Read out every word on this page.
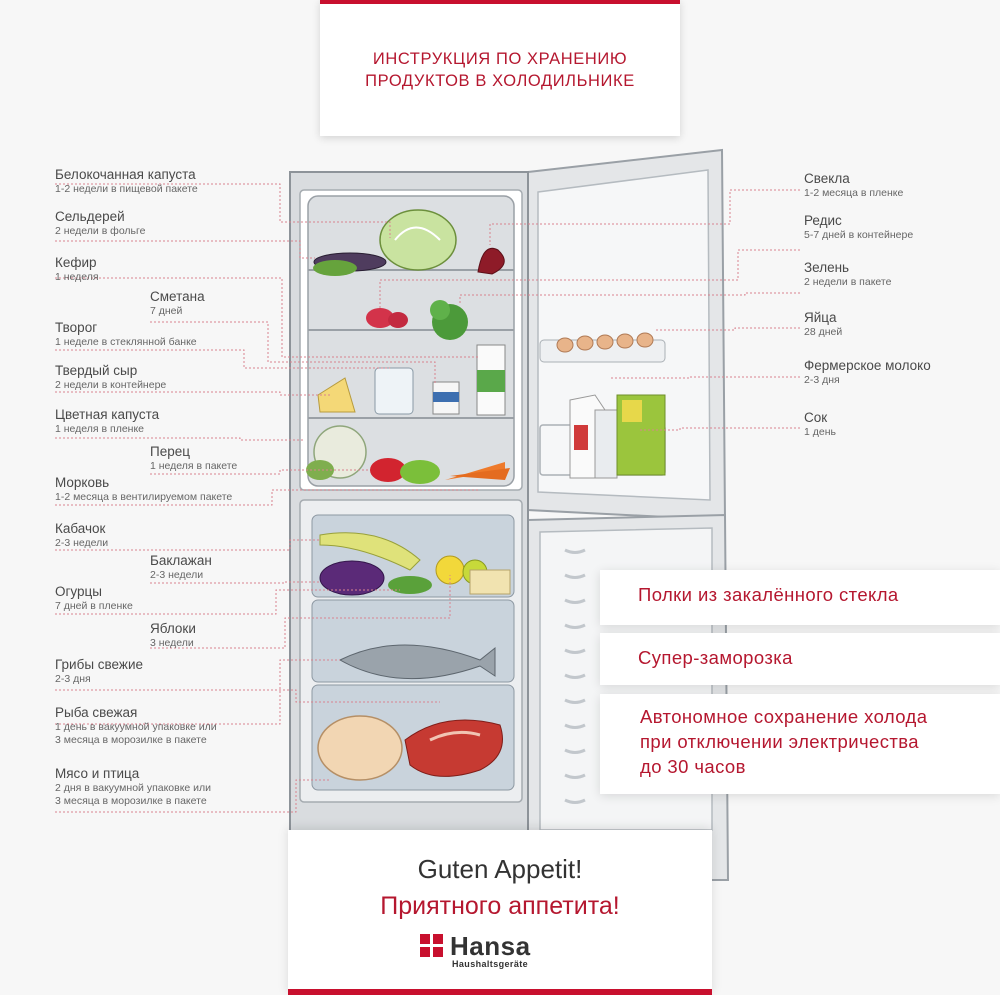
ИНСТРУКЦИЯ ПО ХРАНЕНИЮ
ПРОДУКТОВ В ХОЛОДИЛЬНИКЕ
Белокочанная капуста
1-2 недели в пищевой пакете
Сельдерей
2 недели в фольге
Кефир
1 неделя
Сметана
7 дней
Творог
1 неделе в стеклянной банке
Твердый сыр
2 недели в контейнере
Цветная капуста
1 неделя в пленке
Перец
1 неделя в пакете
Морковь
1-2 месяца в вентилируемом пакете
Кабачок
2-3 недели
Баклажан
2-3 недели
Огурцы
7 дней в пленке
Яблоки
3 недели
Грибы свежие
2-3 дня
Рыба свежая
1 день в вакуумной упаковке или
3 месяца в морозилке в пакете
Мясо и птица
2 дня в вакуумной упаковке или
3 месяца в морозилке в пакете
Свекла
1-2 месяца в пленке
Редис
5-7 дней в контейнере
Зелень
2 недели в пакете
Яйца
28 дней
Фермерское молоко
2-3 дня
Сок
1 день
Полки из закалённого стекла
Супер-заморозка
Автономное сохранение холода
при отключении электричества
до 30 часов
Guten Appetit!
Приятного аппетита!
Hansa
Haushaltsgeräte
